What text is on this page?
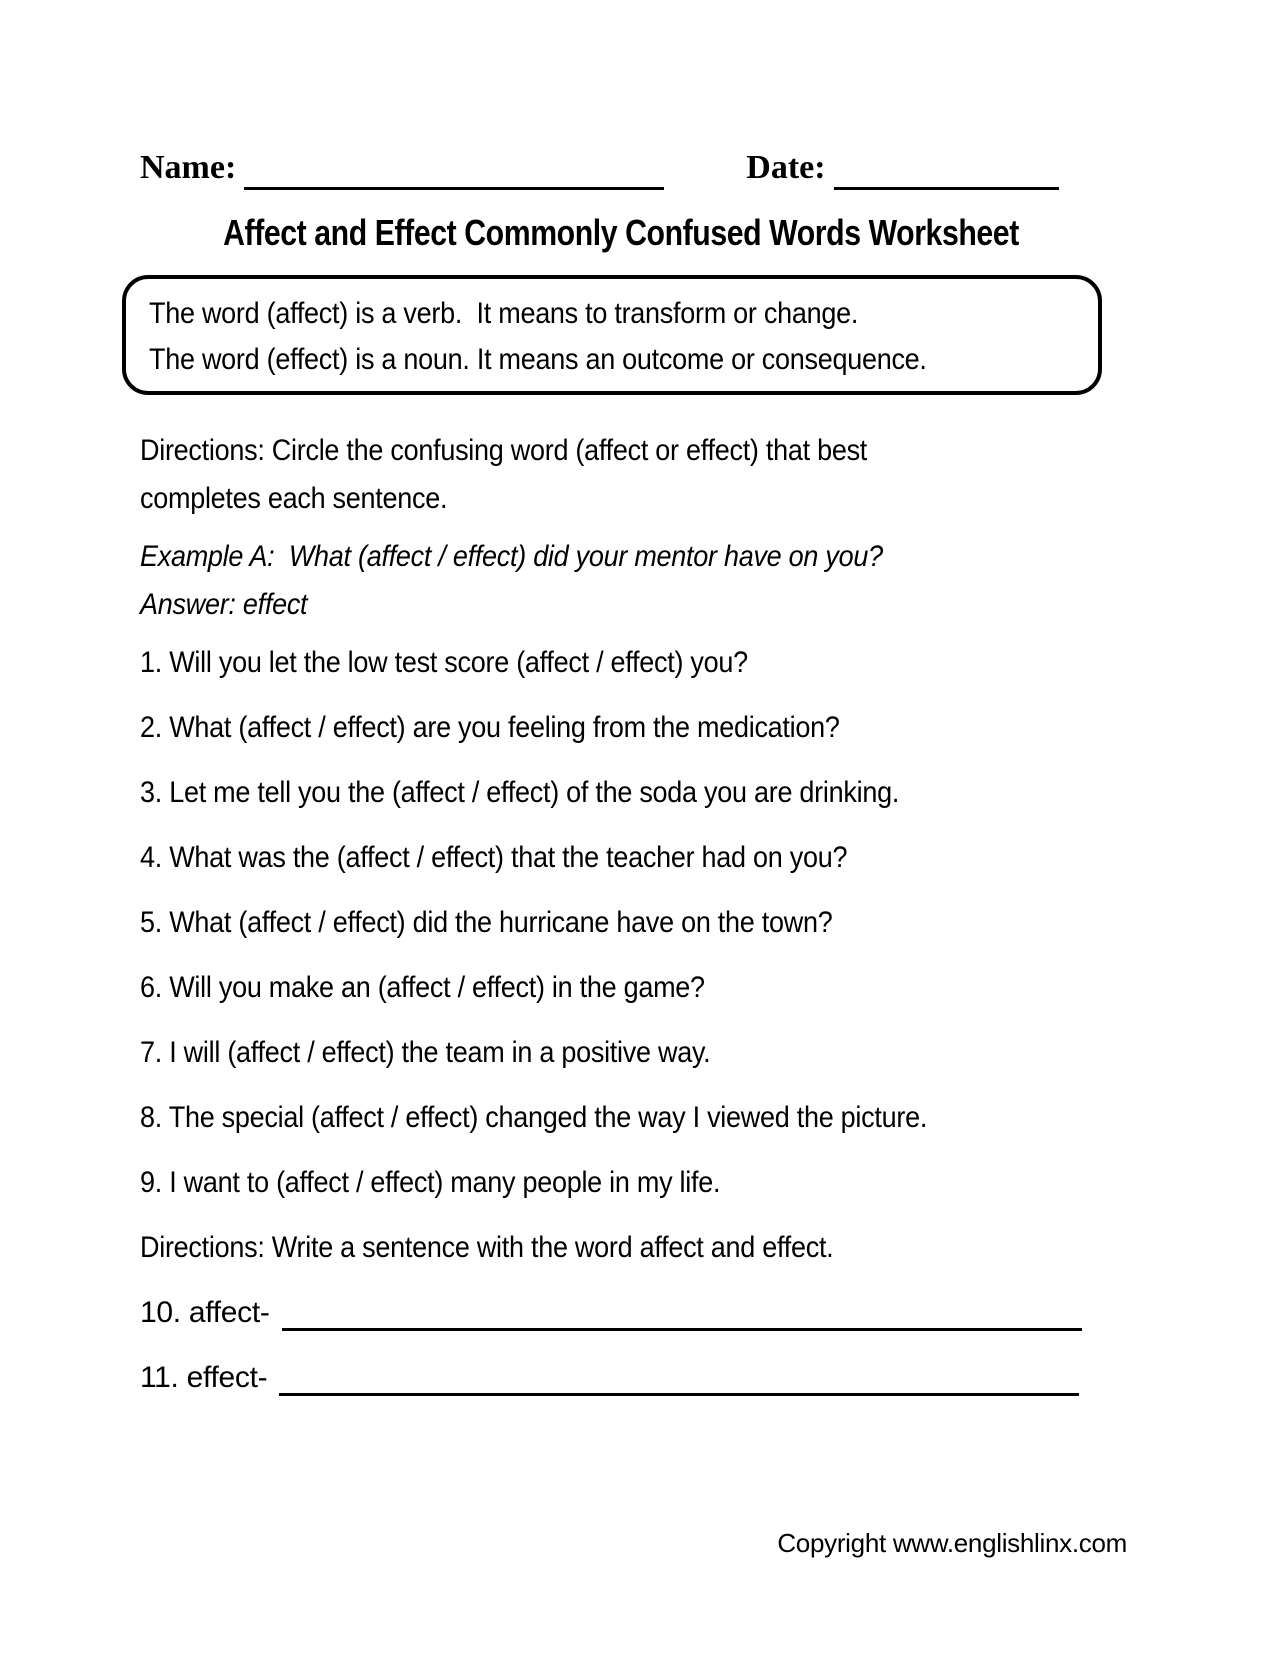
Name:	Date:
Affect and Effect Commonly Confused Words Worksheet

The word (affect) is a verb.  It means to transform or change.

The word (effect) is a noun. It means an outcome or consequence.

Directions: Circle the confusing word (affect or effect) that best

completes each sentence.

Example A:  What (affect / effect) did your mentor have on you?

Answer: effect

1. Will you let the low test score (affect / effect) you?

2. What (affect / effect) are you feeling from the medication?

3. Let me tell you the (affect / effect) of the soda you are drinking.

4. What was the (affect / effect) that the teacher had on you?

5. What (affect / effect) did the hurricane have on the town?

6. Will you make an (affect / effect) in the game?

7. I will (affect / effect) the team in a positive way.

8. The special (affect / effect) changed the way I viewed the picture.

9. I want to (affect / effect) many people in my life.

Directions: Write a sentence with the word affect and effect.

10. affect-
11. effect-
Copyright www.englishlinx.com
